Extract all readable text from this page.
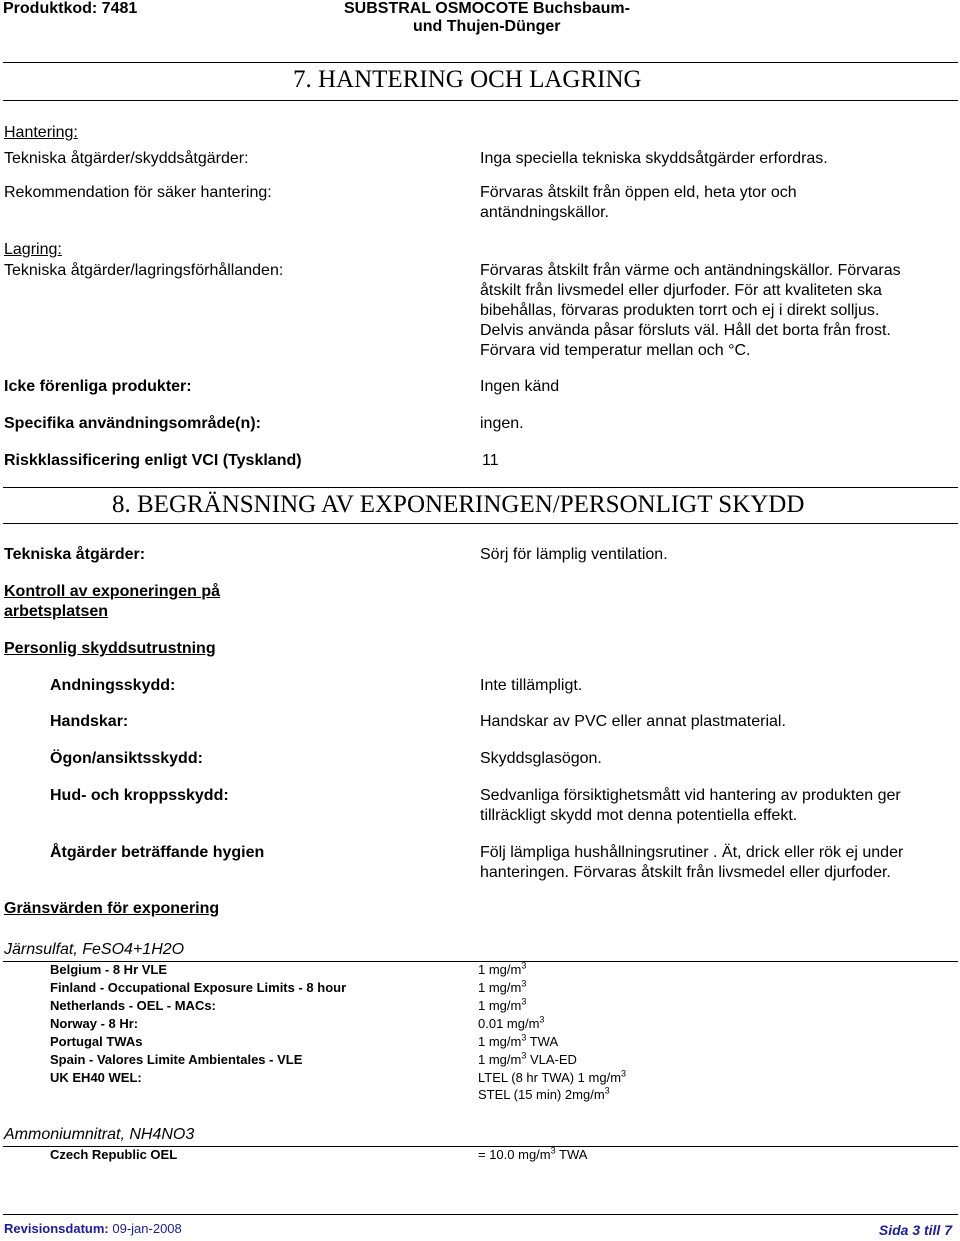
Produktkod: 7481	SUBSTRAL OSMOCOTE Buchsbaum-
und Thujen-Dünger
7. HANTERING OCH LAGRING
Hantering:
Tekniska åtgärder/skyddsåtgärder:	Inga speciella tekniska skyddsåtgärder erfordras.
Rekommendation för säker hantering:	Förvaras åtskilt från öppen eld, heta ytor och
antändningskällor.
Lagring:
Tekniska åtgärder/lagringsförhållanden:	Förvaras åtskilt från värme och antändningskällor. Förvaras
åtskilt från livsmedel eller djurfoder. För att kvaliteten ska
bibehållas, förvaras produkten torrt och ej i direkt solljus.
Delvis använda påsar försluts väl. Håll det borta från frost.
Förvara vid temperatur mellan och °C.
Icke förenliga produkter:	Ingen känd
Specifika användningsområde(n):	ingen.
Riskklassificering enligt VCI (Tyskland)	11
8. BEGRÄNSNING AV EXPONERINGEN/PERSONLIGT SKYDD
Tekniska åtgärder:	Sörj för lämplig ventilation.
Kontroll av exponeringen på
arbetsplatsen
Personlig skyddsutrustning
Andningsskydd:	Inte tillämpligt.
Handskar:	Handskar av PVC eller annat plastmaterial.
Ögon/ansiktsskydd:	Skyddsglasögon.
Hud- och kroppsskydd:	Sedvanliga försiktighetsmått vid hantering av produkten ger
tillräckligt skydd mot denna potentiella effekt.
Åtgärder beträffande hygien	Följ lämpliga hushållningsrutiner . Ät, drick eller rök ej under
hanteringen. Förvaras åtskilt från livsmedel eller djurfoder.
Gränsvärden för exponering
Järnsulfat, FeSO4+1H2O
Belgium - 8 Hr VLE	1 $mg/m^3$
Finland - Occupational Exposure Limits - 8 hour	1 $mg/m^3$
Netherlands - OEL - MACs:	1 $mg/m^3$
Norway - 8 Hr:	0.01 $mg/m^3$
Portugal TWAs	1 $mg/m^3$ TWA
Spain - Valores Limite Ambientales - VLE	1 $mg/m^3$ VLA-ED
UK EH40 WEL:	LTEL (8 hr TWA) 1 $mg/m^3$
STEL (15 min) $2mg/m^3$
Ammoniumnitrat, NH4NO3
Czech Republic OEL	= 10.0 $mg/m^3$ TWA
Revisionsdatum: 09-jan-2008	Sida 3 till 7
